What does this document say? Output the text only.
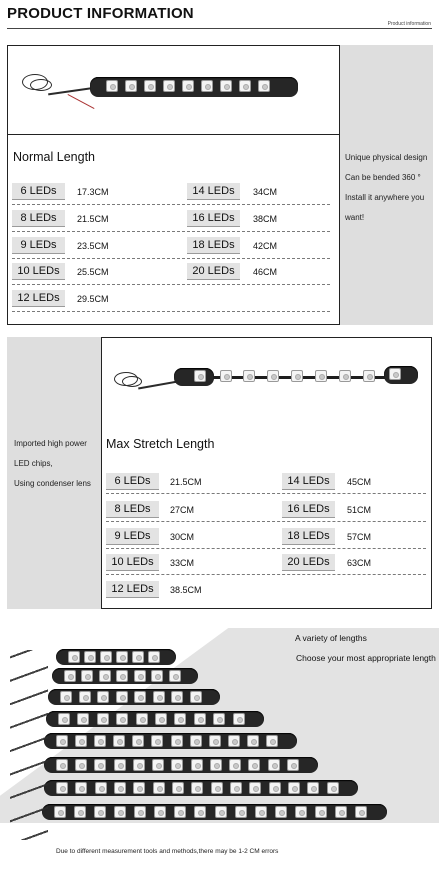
PRODUCT INFORMATION
Product information
Normal Length	Unique physical design
Can be bended 360 °
Install it anywhere you
want!
6 LEDs	17.3CM	14 LEDs	34CM
8 LEDs	21.5CM	16 LEDs	38CM
9 LEDs	23.5CM	18 LEDs	42CM
10 LEDs	25.5CM	20 LEDs	46CM
12 LEDs	29.5CM
Max Stretch Length
Imported high power
LED chips,
Using condenser lens	6 LEDs	21.5CM	14 LEDs	45CM
8 LEDs	27CM	16 LEDs	51CM
9 LEDs	30CM	18 LEDs	57CM
10 LEDs	33CM	20 LEDs	63CM
12 LEDs	38.5CM
A variety of lengths
Choose your most appropriate length
Due to different measurement tools and methods,there may be 1-2 CM errors
